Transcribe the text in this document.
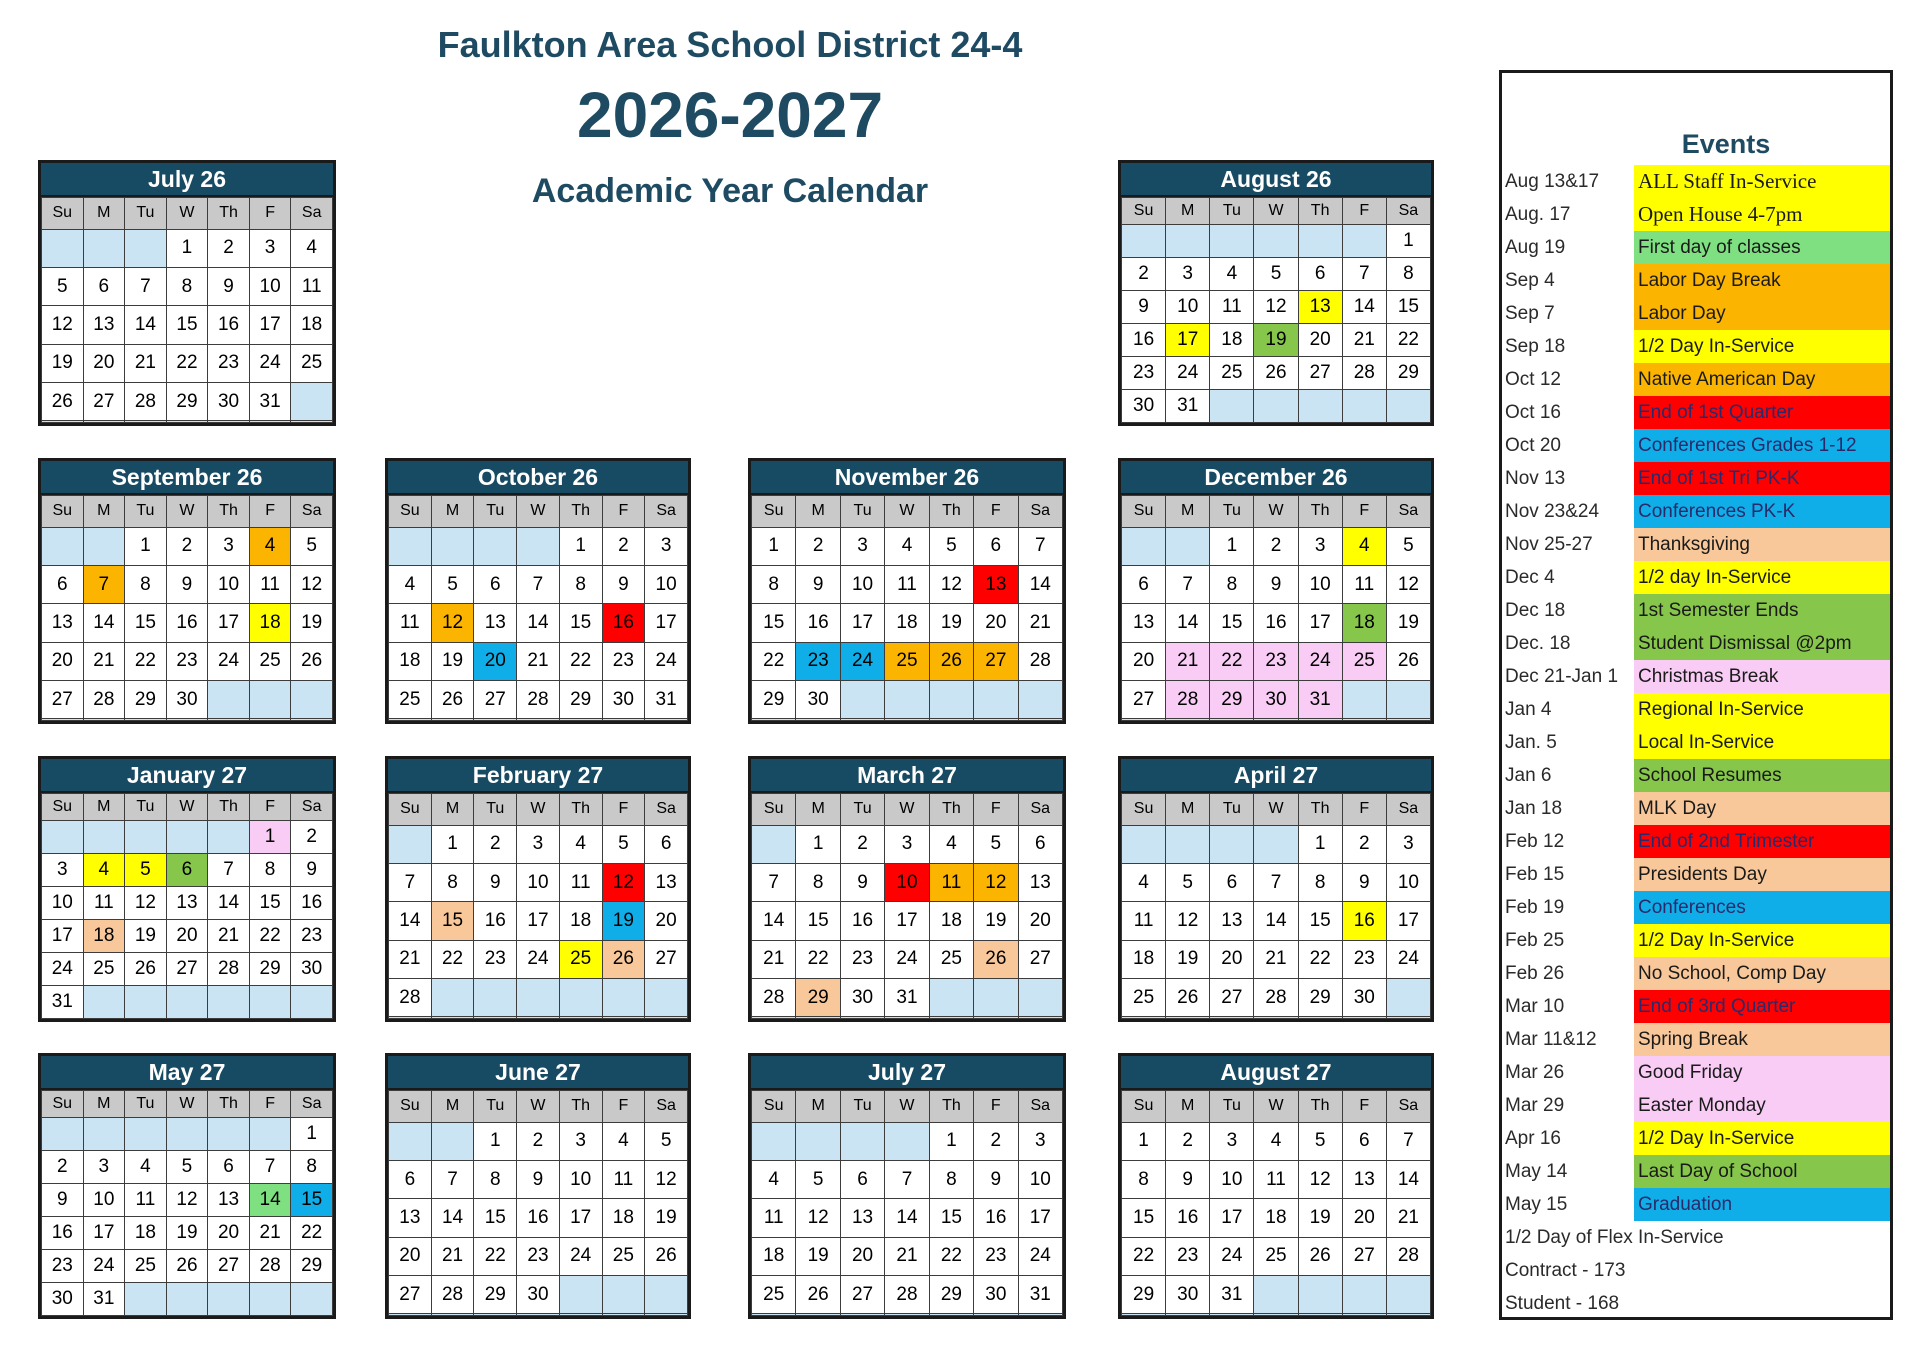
Faulkton Area School District 24-4
2026-2027
Academic Year Calendar
July 26
Su	M	Tu	W	Th	F	Sa
			1	2	3	4
5	6	7	8	9	10	11
12	13	14	15	16	17	18
19	20	21	22	23	24	25
26	27	28	29	30	31	

August 26
Su	M	Tu	W	Th	F	Sa
						1
2	3	4	5	6	7	8
9	10	11	12	13	14	15
16	17	18	19	20	21	22
23	24	25	26	27	28	29
30	31					
September 26
Su	M	Tu	W	Th	F	Sa
		1	2	3	4	5
6	7	8	9	10	11	12
13	14	15	16	17	18	19
20	21	22	23	24	25	26
27	28	29	30			

October 26
Su	M	Tu	W	Th	F	Sa
				1	2	3
4	5	6	7	8	9	10
11	12	13	14	15	16	17
18	19	20	21	22	23	24
25	26	27	28	29	30	31

November 26
Su	M	Tu	W	Th	F	Sa
1	2	3	4	5	6	7
8	9	10	11	12	13	14
15	16	17	18	19	20	21
22	23	24	25	26	27	28
29	30					

December 26
Su	M	Tu	W	Th	F	Sa
		1	2	3	4	5
6	7	8	9	10	11	12
13	14	15	16	17	18	19
20	21	22	23	24	25	26
27	28	29	30	31		

January 27
Su	M	Tu	W	Th	F	Sa
					1	2
3	4	5	6	7	8	9
10	11	12	13	14	15	16
17	18	19	20	21	22	23
24	25	26	27	28	29	30
31						
February 27
Su	M	Tu	W	Th	F	Sa
	1	2	3	4	5	6
7	8	9	10	11	12	13
14	15	16	17	18	19	20
21	22	23	24	25	26	27
28						

March 27
Su	M	Tu	W	Th	F	Sa
	1	2	3	4	5	6
7	8	9	10	11	12	13
14	15	16	17	18	19	20
21	22	23	24	25	26	27
28	29	30	31			

April 27
Su	M	Tu	W	Th	F	Sa
				1	2	3
4	5	6	7	8	9	10
11	12	13	14	15	16	17
18	19	20	21	22	23	24
25	26	27	28	29	30	

May 27
Su	M	Tu	W	Th	F	Sa
						1
2	3	4	5	6	7	8
9	10	11	12	13	14	15
16	17	18	19	20	21	22
23	24	25	26	27	28	29
30	31					
June 27
Su	M	Tu	W	Th	F	Sa
		1	2	3	4	5
6	7	8	9	10	11	12
13	14	15	16	17	18	19
20	21	22	23	24	25	26
27	28	29	30			

July 27
Su	M	Tu	W	Th	F	Sa
				1	2	3
4	5	6	7	8	9	10
11	12	13	14	15	16	17
18	19	20	21	22	23	24
25	26	27	28	29	30	31

August 27
Su	M	Tu	W	Th	F	Sa
1	2	3	4	5	6	7
8	9	10	11	12	13	14
15	16	17	18	19	20	21
22	23	24	25	26	27	28
29	30	31				

Events
Aug 13&17	ALL Staff In-Service
Aug. 17	Open House 4-7pm
Aug 19	First day of classes
Sep 4	Labor Day Break
Sep 7	Labor Day
Sep 18	1/2 Day In-Service
Oct 12	Native American Day
Oct 16	End of 1st Quarter
Oct 20	Conferences Grades 1-12
Nov 13	End of 1st Tri PK-K
Nov 23&24	Conferences PK-K
Nov 25-27	Thanksgiving
Dec 4	1/2 day In-Service
Dec 18	1st Semester Ends
Dec. 18	Student Dismissal @2pm
Dec 21-Jan 1	Christmas Break
Jan 4	Regional In-Service
Jan. 5	Local In-Service
Jan 6	School Resumes
Jan 18	MLK Day
Feb 12	End of 2nd Trimester
Feb 15	Presidents Day
Feb 19	Conferences
Feb 25	1/2 Day In-Service
Feb 26	No School, Comp Day
Mar 10	End of 3rd Quarter
Mar 11&12	Spring Break
Mar 26	Good Friday
Mar 29	Easter Monday
Apr 16	1/2 Day In-Service
May 14	Last Day of School
May 15	Graduation
1/2 Day of Flex In-Service
Contract - 173
Student - 168
